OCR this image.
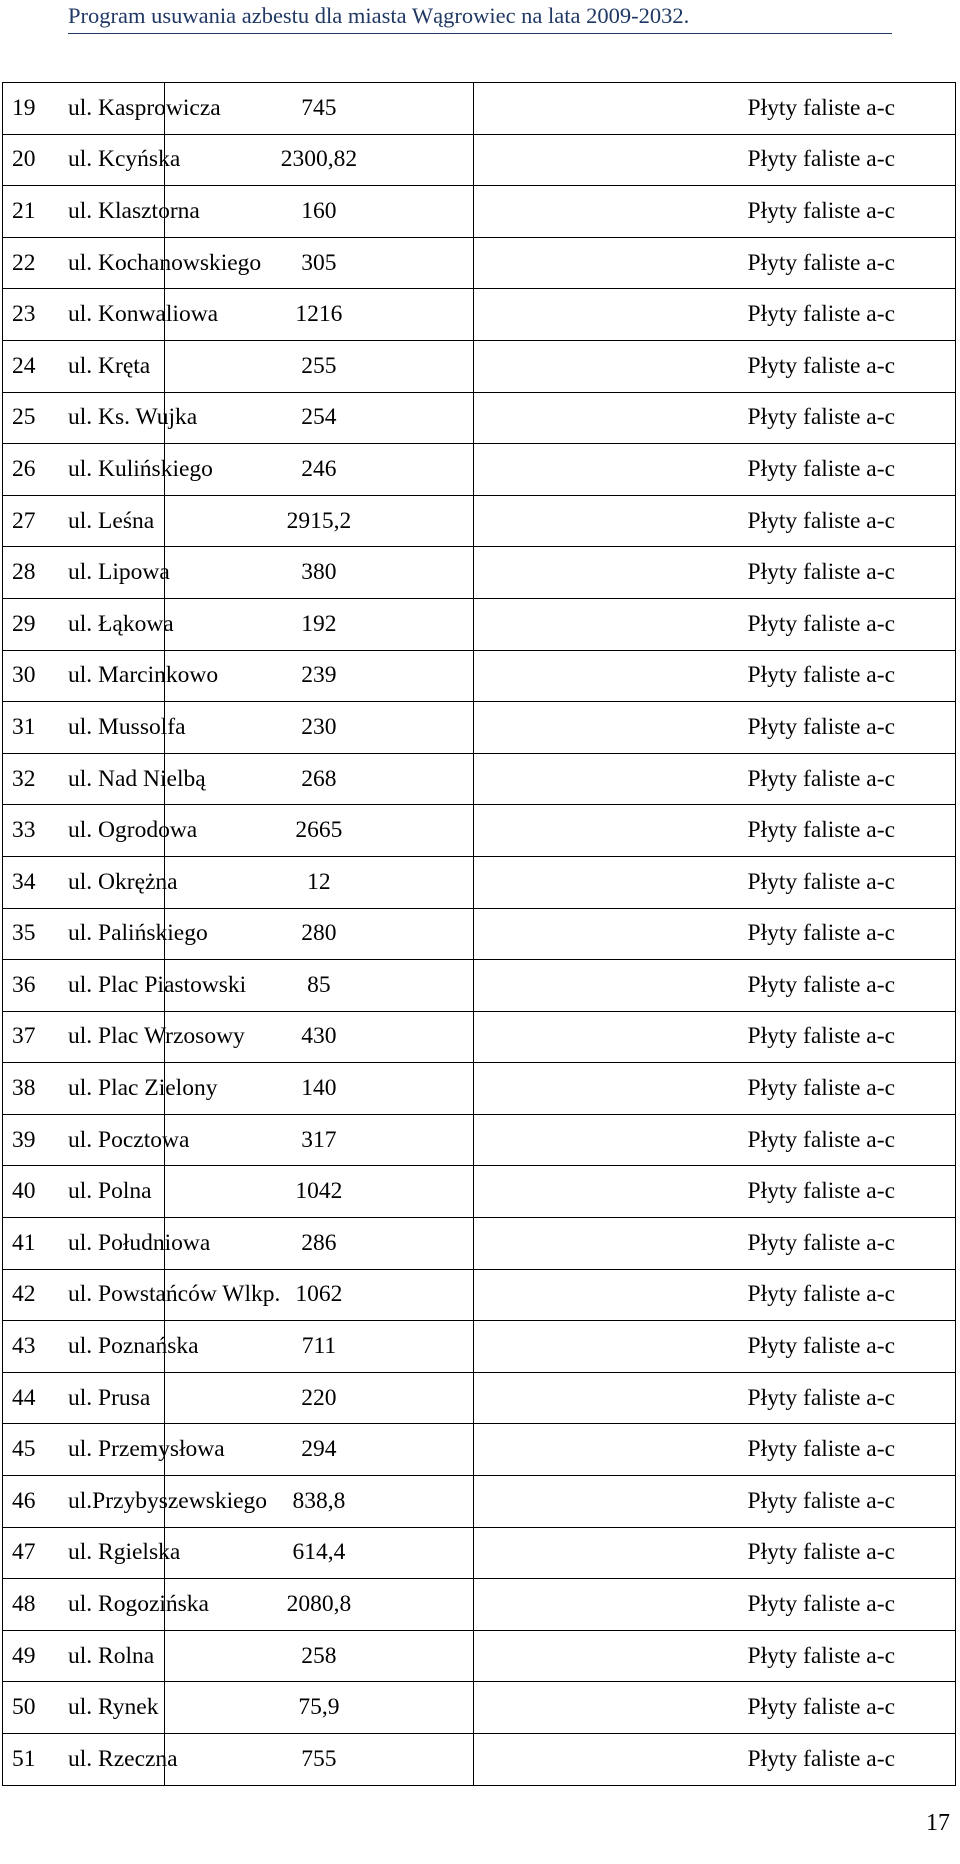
Program usuwania azbestu dla miasta Wągrowiec na lata 2009-2032.
19 ul. Kasprowicza	745	Płyty faliste a-c
20 ul. Kcyńska	2300,82	Płyty faliste a-c
21 ul. Klasztorna	160	Płyty faliste a-c
22 ul. Kochanowskiego	305	Płyty faliste a-c
23 ul. Konwaliowa	1216	Płyty faliste a-c
24 ul. Kręta	255	Płyty faliste a-c
25 ul. Ks. Wujka	254	Płyty faliste a-c
26 ul. Kulińskiego	246	Płyty faliste a-c
27 ul. Leśna	2915,2	Płyty faliste a-c
28 ul. Lipowa	380	Płyty faliste a-c
29 ul. Łąkowa	192	Płyty faliste a-c
30 ul. Marcinkowo	239	Płyty faliste a-c
31 ul. Mussolfa	230	Płyty faliste a-c
32 ul. Nad Nielbą	268	Płyty faliste a-c
33 ul. Ogrodowa	2665	Płyty faliste a-c
34 ul. Okrężna	12	Płyty faliste a-c
35 ul. Palińskiego	280	Płyty faliste a-c
36 ul. Plac Piastowski	85	Płyty faliste a-c
37 ul. Plac Wrzosowy	430	Płyty faliste a-c
38 ul. Plac Zielony	140	Płyty faliste a-c
39 ul. Pocztowa	317	Płyty faliste a-c
40 ul. Polna	1042	Płyty faliste a-c
41 ul. Południowa	286	Płyty faliste a-c
42 ul. Powstańców Wlkp.	1062	Płyty faliste a-c
43 ul. Poznańska	711	Płyty faliste a-c
44 ul. Prusa	220	Płyty faliste a-c
45 ul. Przemysłowa	294	Płyty faliste a-c
46 ul.Przybyszewskiego	838,8	Płyty faliste a-c
47 ul. Rgielska	614,4	Płyty faliste a-c
48 ul. Rogozińska	2080,8	Płyty faliste a-c
49 ul. Rolna	258	Płyty faliste a-c
50 ul. Rynek	75,9	Płyty faliste a-c
51 ul. Rzeczna	755	Płyty faliste a-c
17
